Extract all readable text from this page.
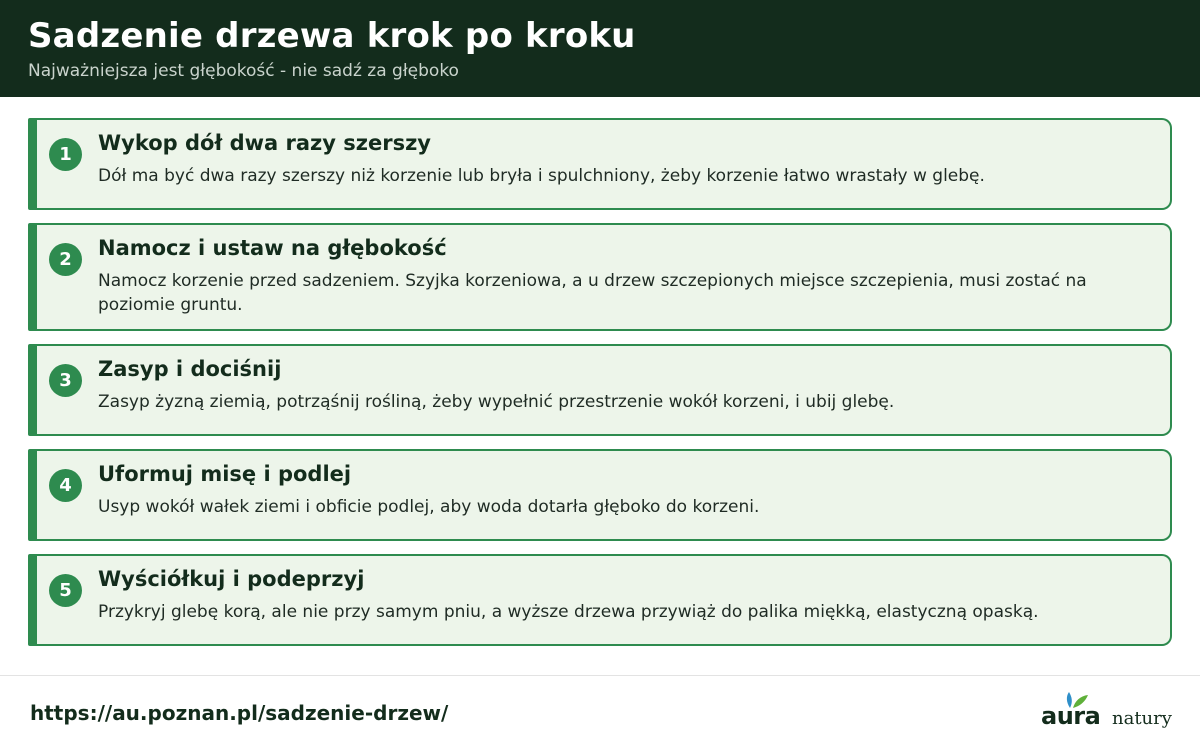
Sadzenie drzewa krok po kroku
Najważniejsza jest głębokość - nie sadź za głęboko
1	Wykop dół dwa razy szerszy
Dół ma być dwa razy szerszy niż korzenie lub bryła i spulchniony, żeby korzenie łatwo wrastały w glebę.
2	Namocz i ustaw na głębokość
Namocz korzenie przed sadzeniem. Szyjka korzeniowa, a u drzew szczepionych miejsce szczepienia, musi zostać na poziomie gruntu.
3	Zasyp i dociśnij
Zasyp żyzną ziemią, potrząśnij rośliną, żeby wypełnić przestrzenie wokół korzeni, i ubij glebę.
4	Uformuj misę i podlej
Usyp wokół wałek ziemi i obficie podlej, aby woda dotarła głęboko do korzeni.
5	Wyściółkuj i podeprzyj
Przykryj glebę korą, ale nie przy samym pniu, a wyższe drzewa przywiąż do palika miękką, elastyczną opaską.
https://au.poznan.pl/sadzenie-drzew/	aura natury
